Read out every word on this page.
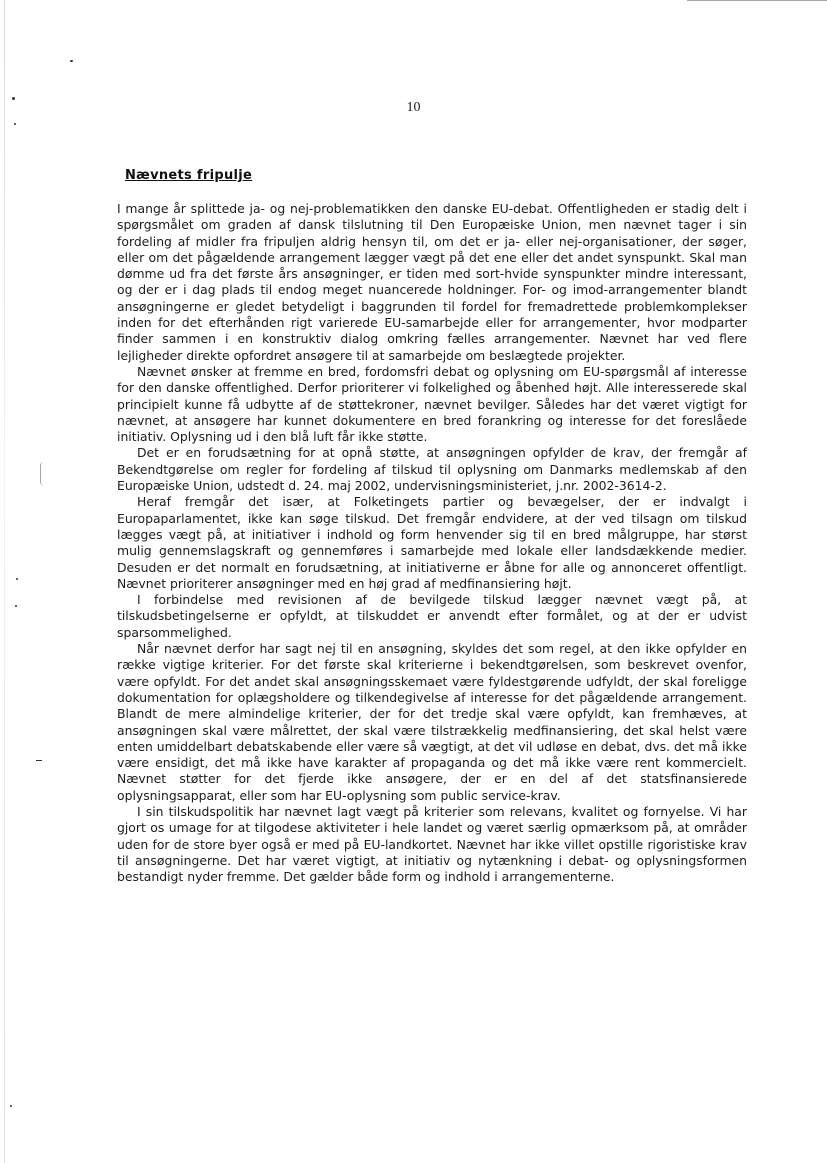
10
Nævnets fripulje

I mange år splittede ja- og nej-problematikken den danske EU-debat. Offentligheden er stadig delt i spørgsmålet om graden af dansk tilslutning til Den Europæiske Union, men nævnet tager i sin fordeling af midler fra fripuljen aldrig hensyn til, om det er ja- eller nej-organisationer, der søger, eller om det pågældende arrangement lægger vægt på det ene eller det andet synspunkt. Skal man dømme ud fra det første års ansøgninger, er tiden med sort-hvide synspunkter mindre interessant, og der er i dag plads til endog meget nuancerede holdninger. For- og imod-arrangementer blandt ansøgningerne er gledet betydeligt i baggrunden til fordel for fremadrettede problemkomplekser inden for det efterhånden rigt varierede EU-samarbejde eller for arrangementer, hvor modparter finder sammen i en konstruktiv dialog omkring fælles arrangementer. Nævnet har ved flere lejligheder direkte opfordret ansøgere til at samarbejde om beslægtede projekter.

Nævnet ønsker at fremme en bred, fordomsfri debat og oplysning om EU-spørgsmål af interesse for den danske offentlighed. Derfor prioriterer vi folkelighed og åbenhed højt. Alle interesserede skal principielt kunne få udbytte af de støttekroner, nævnet bevilger. Således har det været vigtigt for nævnet, at ansøgere har kunnet dokumentere en bred forankring og interesse for det foreslåede initiativ. Oplysning ud i den blå luft får ikke støtte.

Det er en forudsætning for at opnå støtte, at ansøgningen opfylder de krav, der fremgår af Bekendtgørelse om regler for fordeling af tilskud til oplysning om Danmarks medlemskab af den Europæiske Union, udstedt d. 24. maj 2002, undervisningsministeriet, j.nr. 2002-3614-2.

Heraf fremgår det især, at Folketingets partier og bevægelser, der er indvalgt i Europaparlamentet, ikke kan søge tilskud. Det fremgår endvidere, at der ved tilsagn om tilskud lægges vægt på, at initiativer i indhold og form henvender sig til en bred målgruppe, har størst mulig gennemslagskraft og gennemføres i samarbejde med lokale eller landsdækkende medier. Desuden er det normalt en forudsætning, at initiativerne er åbne for alle og annonceret offentligt. Nævnet prioriterer ansøgninger med en høj grad af medfinansiering højt.

I forbindelse med revisionen af de bevilgede tilskud lægger nævnet vægt på, at tilskudsbetingelserne er opfyldt, at tilskuddet er anvendt efter formålet, og at der er udvist sparsommelighed.

Når nævnet derfor har sagt nej til en ansøgning, skyldes det som regel, at den ikke opfylder en række vigtige kriterier. For det første skal kriterierne i bekendtgørelsen, som beskrevet ovenfor, være opfyldt. For det andet skal ansøgningsskemaet være fyldestgørende udfyldt, der skal foreligge dokumentation for oplægsholdere og tilkendegivelse af interesse for det pågældende arrangement. Blandt de mere almindelige kriterier, der for det tredje skal være opfyldt, kan fremhæves, at ansøgningen skal være målrettet, der skal være tilstrækkelig medfinansiering, det skal helst være enten umiddelbart debatskabende eller være så vægtigt, at det vil udløse en debat, dvs. det må ikke være ensidigt, det må ikke have karakter af propaganda og det må ikke være rent kommercielt. Nævnet støtter for det fjerde ikke ansøgere, der er en del af det statsfinansierede oplysningsapparat, eller som har EU-oplysning som public service-krav.

I sin tilskudspolitik har nævnet lagt vægt på kriterier som relevans, kvalitet og fornyelse. Vi har gjort os umage for at tilgodese aktiviteter i hele landet og været særlig opmærksom på, at områder uden for de store byer også er med på EU-landkortet. Nævnet har ikke villet opstille rigoristiske krav til ansøgningerne. Det har været vigtigt, at initiativ og nytænkning i debat- og oplysningsformen bestandigt nyder fremme. Det gælder både form og indhold i arrangementerne.
